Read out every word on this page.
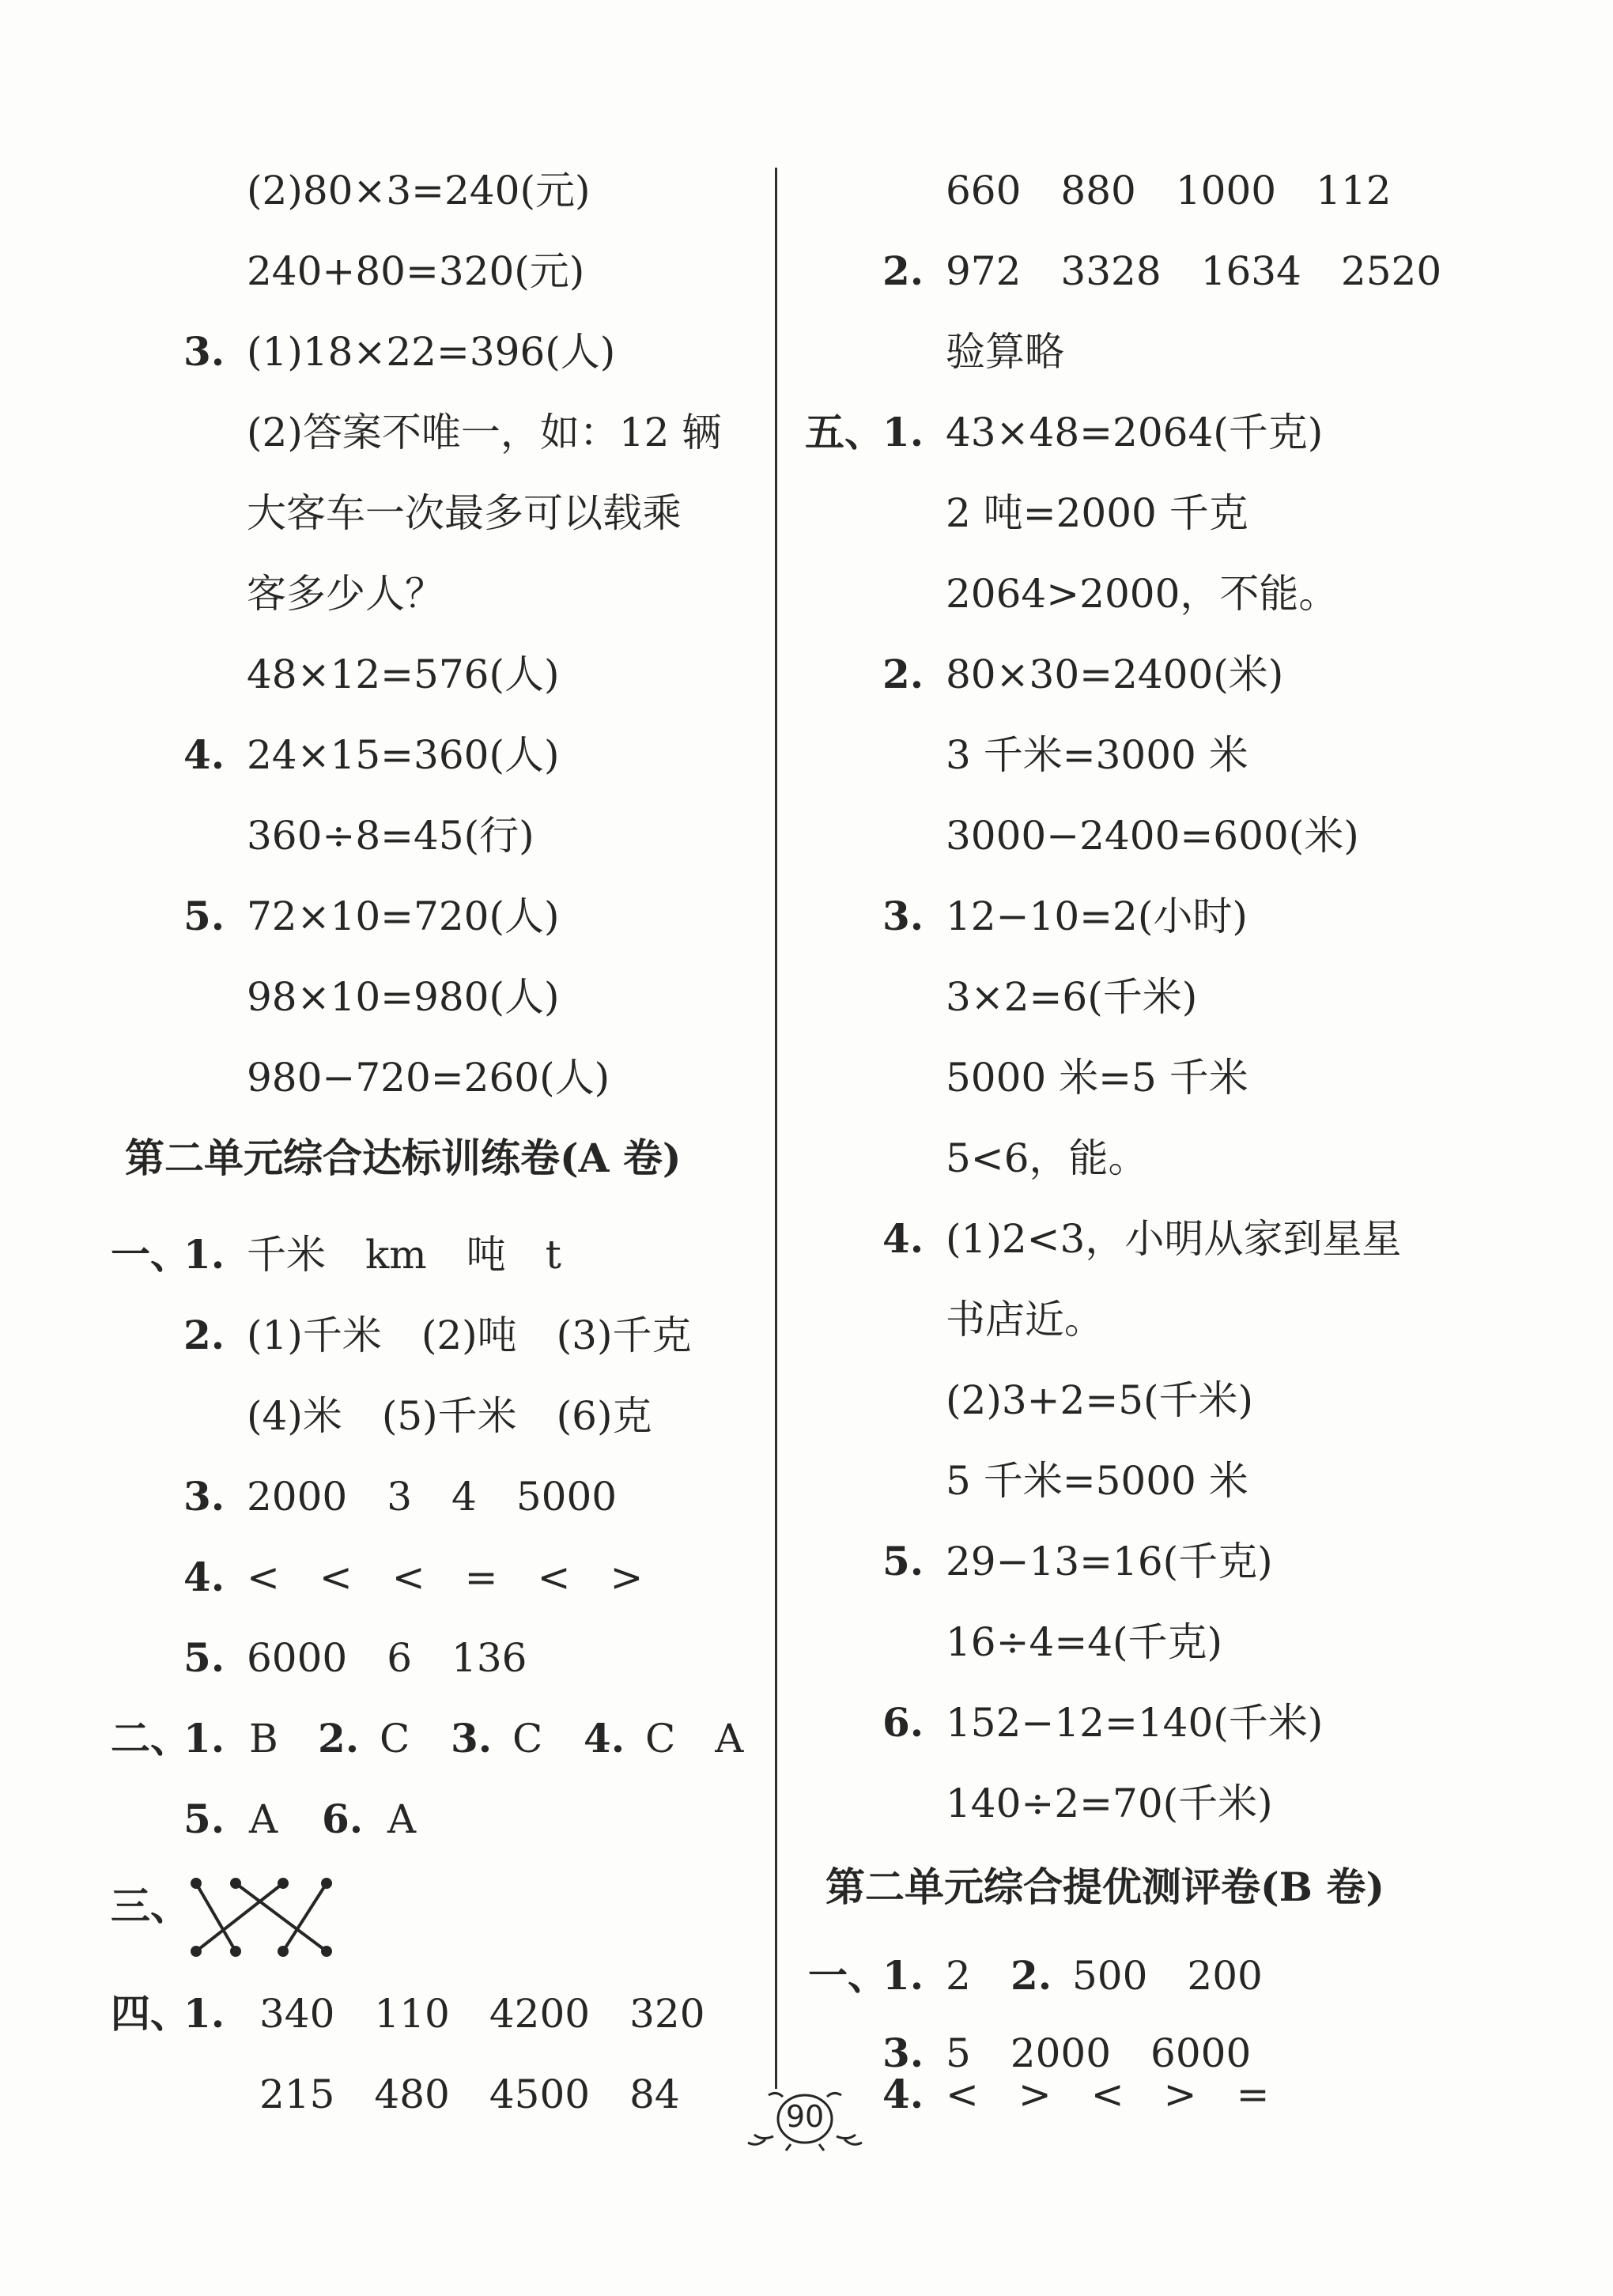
(2)80×3=240(元)
240+80=320(元)
3. (1)18×22=396(人)
(2)答案不唯一，如：12 辆
大客车一次最多可以载乘
客多少人？
48×12=576(人)
4. 24×15=360(人)
360÷8=45(行)
5. 72×10=720(人)
98×10=980(人)
980−720=260(人)
第二单元综合达标训练卷(A 卷)
一、
1. 千米　km　吨　t
2. (1)千米　(2)吨　(3)千克
(4)米　(5)千米　(6)克
3. 2000　3　4　5000
4. <　<　<　=　<　>
5. 6000　6　136
二、
1. B 2. C 3. C 4. C　A
5. A 6. A
三、
四、
1. 340　110　4200　320
215　480　4500　84
660　880　1000　112
2. 972　3328　1634　2520
验算略
五、
1. 43×48=2064(千克)
2 吨=2000 千克
2064>2000，不能。
2. 80×30=2400(米)
3 千米=3000 米
3000−2400=600(米)
3. 12−10=2(小时)
3×2=6(千米)
5000 米=5 千米
5<6，能。
4. (1)2<3，小明从家到星星
书店近。
(2)3+2=5(千米)
5 千米=5000 米
5. 29−13=16(千克)
16÷4=4(千克)
6. 152−12=140(千米)
140÷2=70(千米)
第二单元综合提优测评卷(B 卷)
一、
1. 2 2. 500　200
3. 5　2000　6000
4. <　>　<　>　=
90
